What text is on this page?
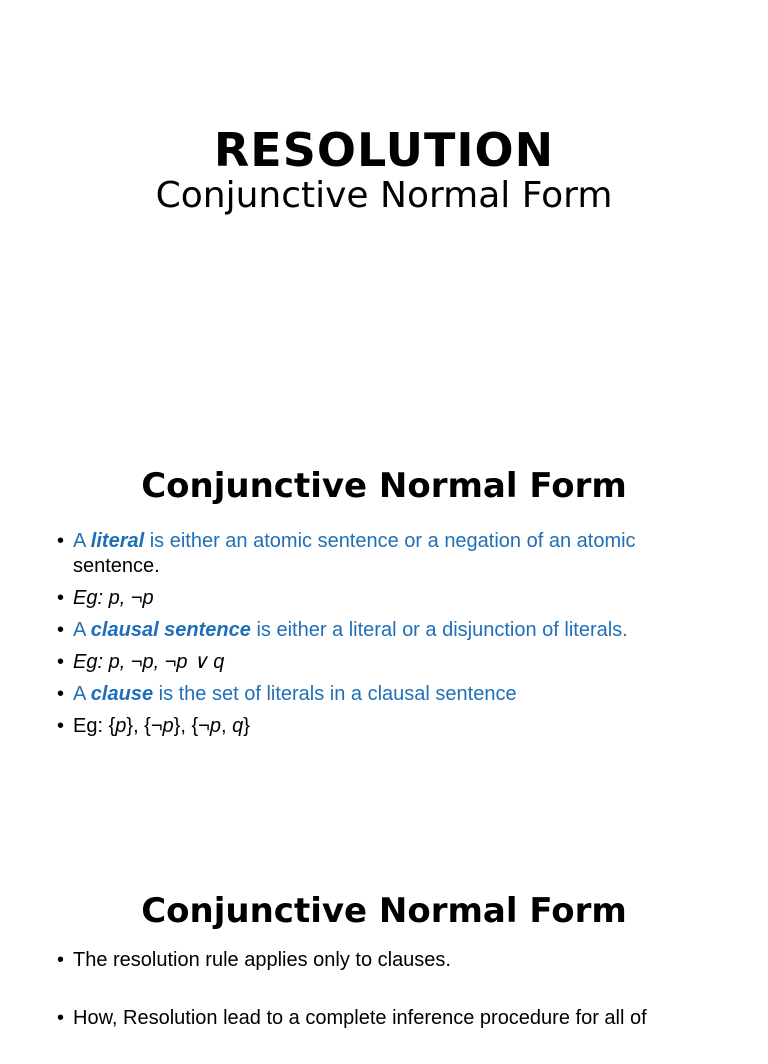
RESOLUTION
Conjunctive Normal Form
Conjunctive Normal Form
• A literal is either an atomic sentence or a negation of an atomic
sentence.
• Eg: p, ¬p
• A clausal sentence is either a literal or a disjunction of literals.
• Eg: p, ¬p, ¬p ∨ q
• A clause is the set of literals in a clausal sentence
• Eg: {p}, {¬p}, {¬p, q}
Conjunctive Normal Form
• The resolution rule applies only to clauses.
• How, Resolution lead to a complete inference procedure for all of
